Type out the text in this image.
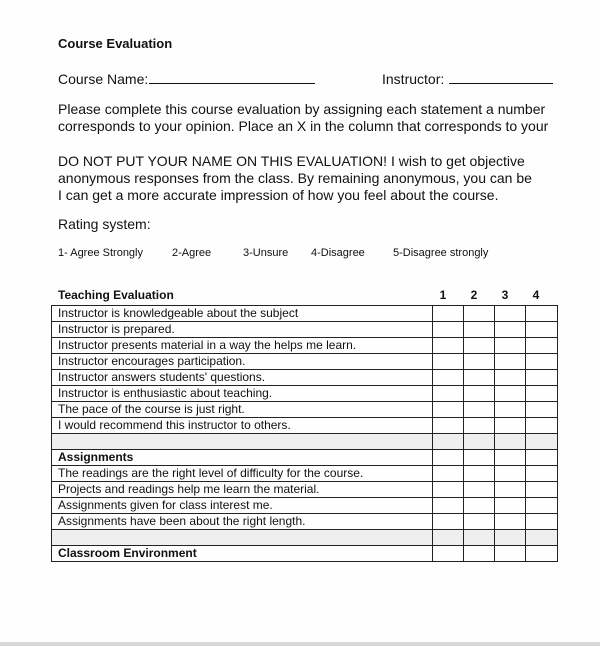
Course Evaluation
Course Name:	Instructor:
Please complete this course evaluation by assigning each statement a number
corresponds to your opinion. Place an X in the column that corresponds to your
DO NOT PUT YOUR NAME ON THIS EVALUATION! I wish to get objective
anonymous responses from the class. By remaining anonymous, you can be
I can get a more accurate impression of how you feel about the course.
Rating system:
1- Agree Strongly	2-Agree	3-Unsure 4-Disagree	5-Disagree strongly
Teaching Evaluation	1	2	3	4
Instructor is knowledgeable about the subject				
Instructor is prepared.				
Instructor presents material in a way the helps me learn.				
Instructor encourages participation.				
Instructor answers students' questions.				
Instructor is enthusiastic about teaching.				
The pace of the course is just right.				
I would recommend this instructor to others.				

Assignments				
The readings are the right level of difficulty for the course.				
Projects and readings help me learn the material.				
Assignments given for class interest me.				
Assignments have been about the right length.				

Classroom Environment				
